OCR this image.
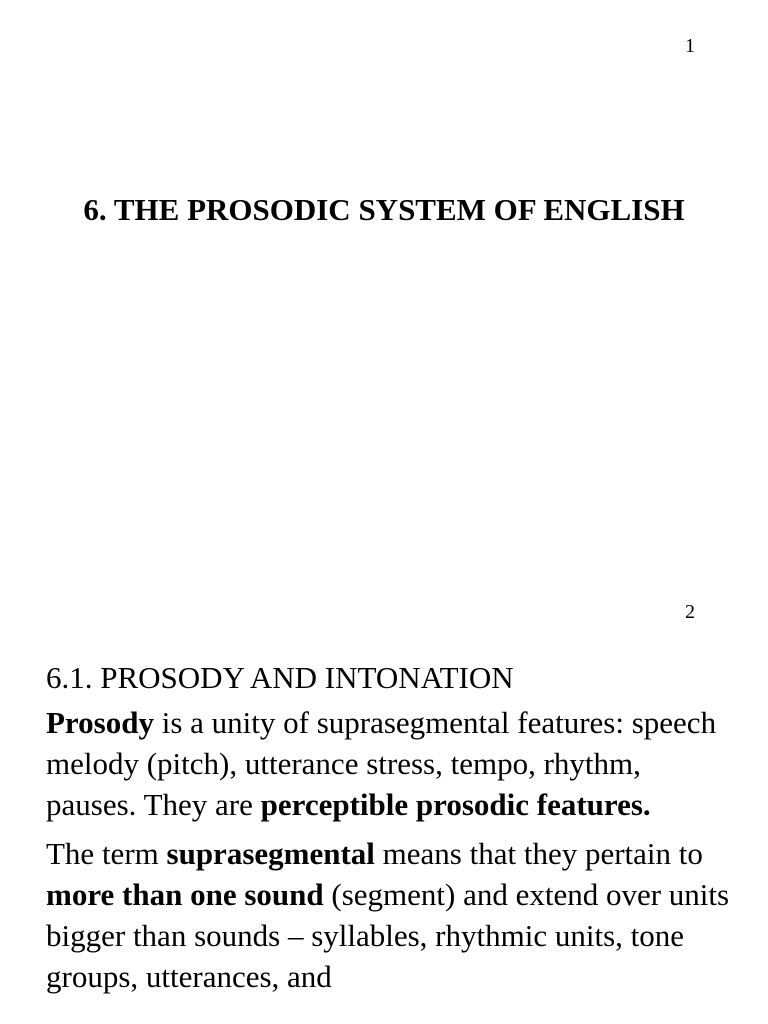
1
6. THE PROSODIC SYSTEM OF ENGLISH
2

6.1. PROSODY AND INTONATION

Prosody is a unity of suprasegmental features: speech melody (pitch), utterance stress, tempo, rhythm, pauses. They are perceptible prosodic features.

The term suprasegmental means that they pertain to more than one sound (segment) and extend over units bigger than sounds – syllables, rhythmic units, tone groups, utterances, and
